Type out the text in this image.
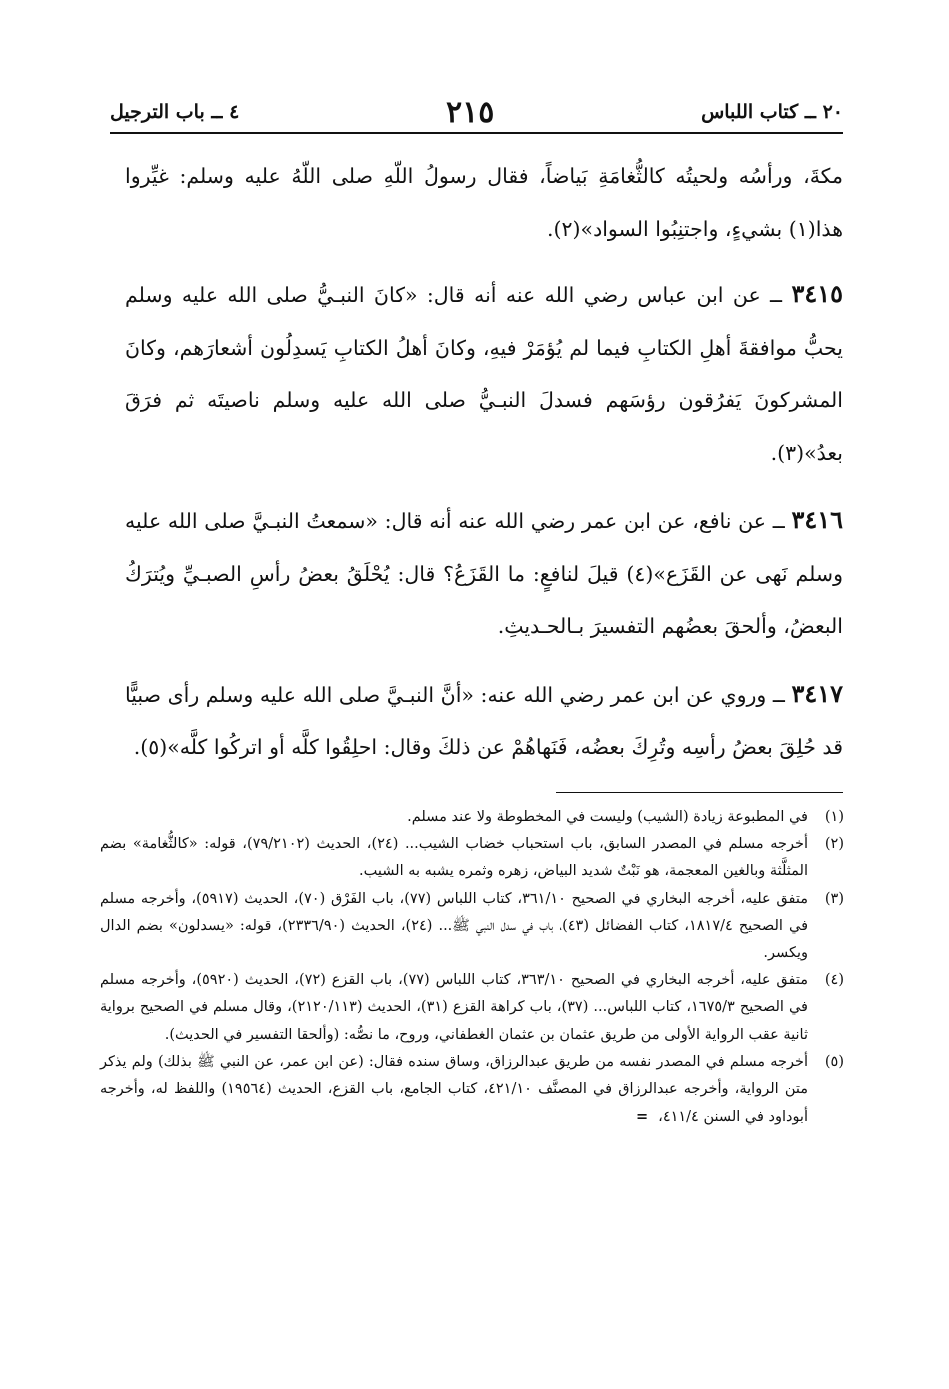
٢٠ ــ كتاب اللباس
٢١٥
٤ ــ باب الترجيل

مكةَ، ورأسُه ولحيتُه كالثُّغامَةِ بَياضاً، فقال رسولُ اللّهِ صلى اللّهُ عليه وسلم: غيِّروا هذا(١) بشيءٍ، واجتنِبُوا السواد»(٢).

٣٤١٥ ــ عن ابن عباس رضي الله عنه أنه قال: «كانَ النبـيُّ صلى الله عليه وسلم يحبُّ موافقةَ أهلِ الكتابِ فيما لم يُؤمَرْ فيهِ، وكانَ أهلُ الكتابِ يَسدِلُون أشعارَهم، وكانَ المشركونَ يَفرُقون رؤسَهم فسدلَ النبـيُّ صلى الله عليه وسلم ناصيتَه ثم فرَقَ بعدُ»(٣).

٣٤١٦ ــ عن نافع، عن ابن عمر رضي الله عنه أنه قال: «سمعتُ النبـيَّ صلى الله عليه وسلم نَهى عن القَزَع»(٤) قيلَ لنافعٍ: ما القَزَعُ؟ قال: يُحْلَقُ بعضُ رأسِ الصبـيِّ ويُترَكُ البعضُ، وألحقَ بعضُهم التفسيرَ بـالحـديثِ.

٣٤١٧ ــ وروي عن ابن عمر رضي الله عنه: «أنَّ النبـيَّ صلى الله عليه وسلم رأى صبيًّا قد حُلِقَ بعضُ رأسِه وتُرِكَ بعضُه، فَنَهاهُمْ عن ذلكَ وقال: احلِقُوا كلَّه أو اتركُوا كلَّه»(٥).

(١)
في المطبوعة زيادة (الشيب) وليست في المخطوطة ولا عند مسلم.
(٢)
أخرجه مسلم في المصدر السابق، باب استحباب خضاب الشيب... (٢٤)، الحديث (٧٩/٢١٠٢)، قوله: «كالثُّغامة» بضم المثلَّثة وبالغين المعجمة، هو نَبْتٌ شديد البياض، زهره وثمره يشبه به الشيب.
(٣)
متفق عليه، أخرجه البخاري في الصحيح ٣٦١/١٠، كتاب اللباس (٧٧)، باب الفَرْق (٧٠)، الحديث (٥٩١٧)، وأخرجه مسلم في الصحيح ١٨١٧/٤، كتاب الفضائل (٤٣)، باب في سدل النبي ﷺ... (٢٤)، الحديث (٢٣٣٦/٩٠)، قوله: «يسدلون» بضم الدال ويكسر.
(٤)
متفق عليه، أخرجه البخاري في الصحيح ٣٦٣/١٠، كتاب اللباس (٧٧)، باب القزع (٧٢)، الحديث (٥٩٢٠)، وأخرجه مسلم في الصحيح ١٦٧٥/٣، كتاب اللباس... (٣٧)، باب كراهة القزع (٣١)، الحديث (٢١٢٠/١١٣)، وقال مسلم في الصحيح برواية ثانية عقب الرواية الأولى من طريق عثمان بن عثمان الغطفاني، وروح، ما نصُّه: (وألحقا التفسير في الحديث).
(٥)
أخرجه مسلم في المصدر نفسه من طريق عبدالرزاق، وساق سنده فقال: (عن ابن عمر، عن النبي ﷺ بذلك) ولم يذكر متن الرواية، وأخرجه عبدالرزاق في المصنَّف ٤٢١/١٠، كتاب الجامع، باب القزع، الحديث (١٩٥٦٤) واللفظ له، وأخرجه أبوداود في السنن ٤١١/٤،=
